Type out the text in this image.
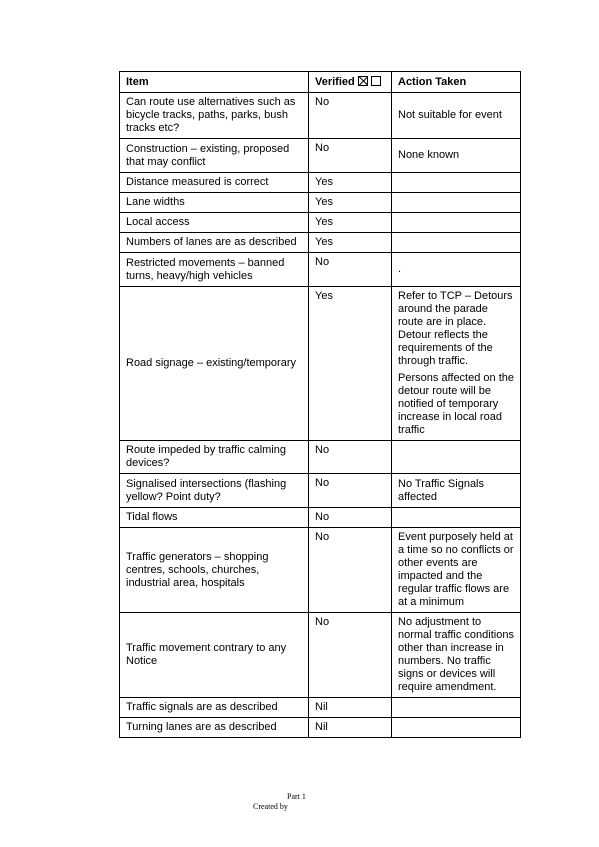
Item	Verified	Action Taken
Can route use alternatives such as bicycle tracks, paths, parks, bush tracks etc?	No	Not suitable for event

Construction – existing, proposed that may conflict	No	None known

Distance measured is correct	Yes	
Lane widths	Yes	
Local access	Yes	
Numbers of lanes are as described	Yes	
Restricted movements – banned turns, heavy/high vehicles	No	.

Road signage – existing/temporary	Yes	Refer to TCP – Detours around the parade route are in place. Detour reflects the requirements of the through traffic.

Persons affected on the detour route will be notified of temporary increase in local road traffic

Route impeded by traffic calming devices?	No	
Signalised intersections (flashing yellow? Point duty?	No	No Traffic Signals affected

Tidal flows	No	
Traffic generators – shopping centres, schools, churches, industrial area, hospitals	No	Event purposely held at a time so no conflicts or other events are impacted and the regular traffic flows are at a minimum

Traffic movement contrary to any Notice	No	No adjustment to normal traffic conditions other than increase in numbers. No traffic signs or devices will require amendment.

Traffic signals are as described	Nil	
Turning lanes are as described	Nil	
Part 1
Created by
